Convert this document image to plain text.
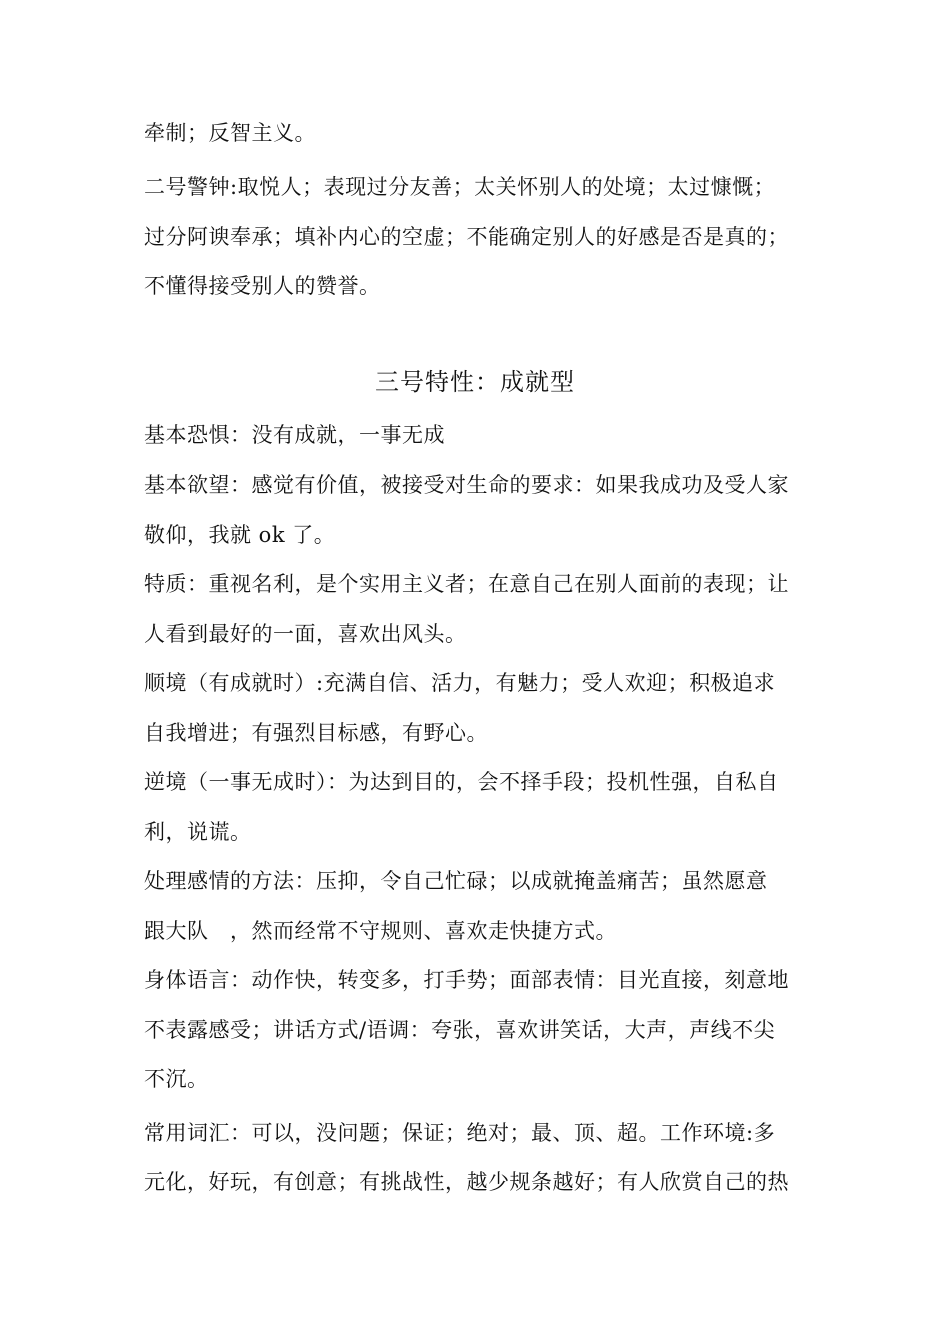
牵制；反智主义。
二号警钟:取悦人；表现过分友善；太关怀别人的处境；太过慷慨；
过分阿谀奉承；填补内心的空虚；不能确定别人的好感是否是真的；
不懂得接受别人的赞誉。
三号特性：成就型
基本恐惧：没有成就，一事无成
基本欲望：感觉有价值，被接受对生命的要求：如果我成功及受人家
敬仰，我就 ok 了。
特质：重视名利，是个实用主义者；在意自己在别人面前的表现；让
人看到最好的一面，喜欢出风头。
顺境（有成就时）:充满自信、活力，有魅力；受人欢迎；积极追求
自我增进；有强烈目标感，有野心。
逆境（一事无成时）：为达到目的，会不择手段；投机性强，自私自
利，说谎。
处理感情的方法：压抑，令自己忙碌；以成就掩盖痛苦；虽然愿意
跟大队　，然而经常不守规则、喜欢走快捷方式。
身体语言：动作快，转变多，打手势；面部表情：目光直接，刻意地
不表露感受；讲话方式/语调：夸张，喜欢讲笑话，大声，声线不尖
不沉。
常用词汇：可以，没问题；保证；绝对；最、顶、超。工作环境:多
元化，好玩，有创意；有挑战性，越少规条越好；有人欣赏自己的热
